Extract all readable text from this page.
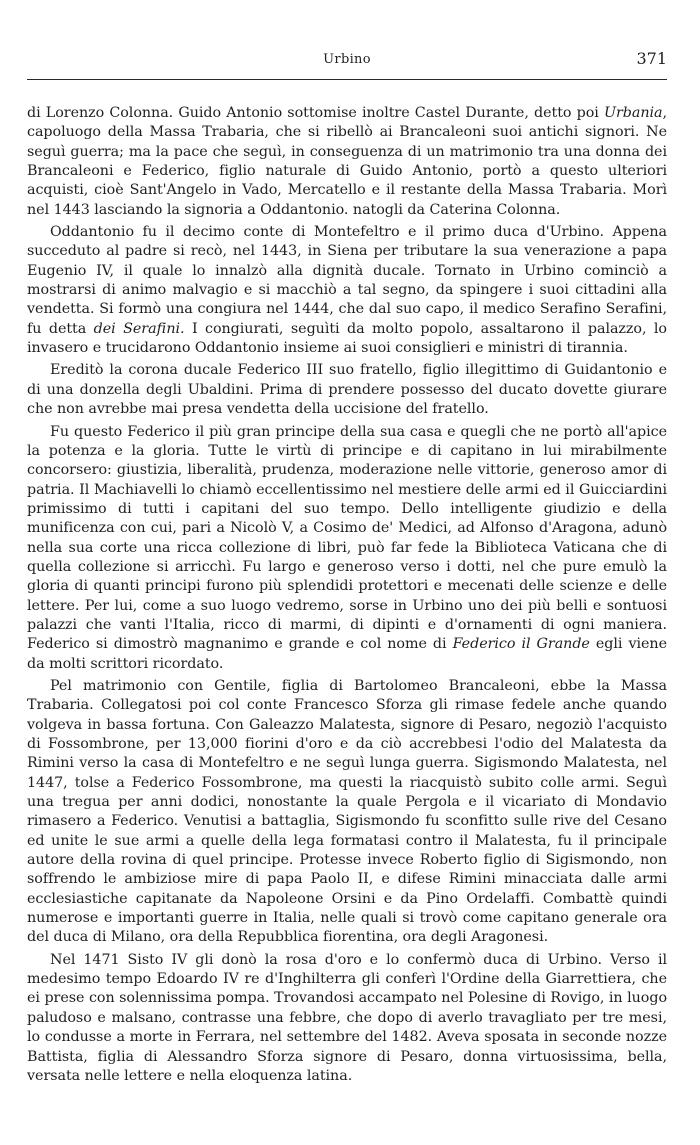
Urbino	371

di Lorenzo Colonna. Guido Antonio sottomise inoltre Castel Durante, detto poi Urbania, capoluogo della Massa Trabaria, che si ribellò ai Brancaleoni suoi antichi signori. Ne seguì guerra; ma la pace che seguì, in conseguenza di un matrimonio tra una donna dei Brancaleoni e Federico, figlio naturale di Guido Antonio, portò a questo ulteriori acquisti, cioè Sant'Angelo in Vado, Mercatello e il restante della Massa Trabaria. Morì nel 1443 lasciando la signoria a Oddantonio. natogli da Caterina Colonna.

Oddantonio fu il decimo conte di Montefeltro e il primo duca d'Urbino. Appena succeduto al padre si recò, nel 1443, in Siena per tributare la sua venerazione a papa Eugenio IV, il quale lo innalzò alla dignità ducale. Tornato in Urbino cominciò a mostrarsi di animo malvagio e si macchiò a tal segno, da spingere i suoi cittadini alla vendetta. Si formò una congiura nel 1444, che dal suo capo, il medico Serafino Serafini, fu detta dei Serafini. I congiurati, seguìti da molto popolo, assaltarono il palazzo, lo invasero e trucidarono Oddantonio insieme ai suoi consiglieri e ministri di tirannia.

Ereditò la corona ducale Federico III suo fratello, figlio illegittimo di Guidantonio e di una donzella degli Ubaldini. Prima di prendere possesso del ducato dovette giurare che non avrebbe mai presa vendetta della uccisione del fratello.

Fu questo Federico il più gran principe della sua casa e quegli che ne portò all'apice la potenza e la gloria. Tutte le virtù di principe e di capitano in lui mirabilmente concorsero: giustizia, liberalità, prudenza, moderazione nelle vittorie, generoso amor di patria. Il Machiavelli lo chiamò eccellentissimo nel mestiere delle armi ed il Guicciardini primissimo di tutti i capitani del suo tempo. Dello intelligente giudizio e della munificenza con cui, pari a Nicolò V, a Cosimo de' Medici, ad Alfonso d'Aragona, adunò nella sua corte una ricca collezione di libri, può far fede la Biblioteca Vaticana che di quella collezione si arricchì. Fu largo e generoso verso i dotti, nel che pure emulò la gloria di quanti principi furono più splendidi protettori e mecenati delle scienze e delle lettere. Per lui, come a suo luogo vedremo, sorse in Urbino uno dei più belli e sontuosi palazzi che vanti l'Italia, ricco di marmi, di dipinti e d'ornamenti di ogni maniera. Federico si dimostrò magnanimo e grande e col nome di Federico il Grande egli viene da molti scrittori ricordato.

Pel matrimonio con Gentile, figlia di Bartolomeo Brancaleoni, ebbe la Massa Trabaria. Collegatosi poi col conte Francesco Sforza gli rimase fedele anche quando volgeva in bassa fortuna. Con Galeazzo Malatesta, signore di Pesaro, negoziò l'acquisto di Fossombrone, per 13,000 fiorini d'oro e da ciò accrebbesi l'odio del Malatesta da Rimini verso la casa di Montefeltro e ne seguì lunga guerra. Sigismondo Malatesta, nel 1447, tolse a Federico Fossombrone, ma questi la riacquistò subito colle armi. Seguì una tregua per anni dodici, nonostante la quale Pergola e il vicariato di Mondavio rimasero a Federico. Venutisi a battaglia, Sigismondo fu sconfitto sulle rive del Cesano ed unite le sue armi a quelle della lega formatasi contro il Malatesta, fu il principale autore della rovina di quel principe. Protesse invece Roberto figlio di Sigismondo, non soffrendo le ambiziose mire di papa Paolo II, e difese Rimini minacciata dalle armi ecclesiastiche capitanate da Napoleone Orsini e da Pino Ordelaffi. Combattè quindi numerose e importanti guerre in Italia, nelle quali si trovò come capitano generale ora del duca di Milano, ora della Repubblica fiorentina, ora degli Aragonesi.

Nel 1471 Sisto IV gli donò la rosa d'oro e lo confermò duca di Urbino. Verso il medesimo tempo Edoardo IV re d'Inghilterra gli conferì l'Ordine della Giarrettiera, che ei prese con solennissima pompa. Trovandosi accampato nel Polesine di Rovigo, in luogo paludoso e malsano, contrasse una febbre, che dopo di averlo travagliato per tre mesi, lo condusse a morte in Ferrara, nel settembre del 1482. Aveva sposata in seconde nozze Battista, figlia di Alessandro Sforza signore di Pesaro, donna virtuosissima, bella, versata nelle lettere e nella eloquenza latina.
